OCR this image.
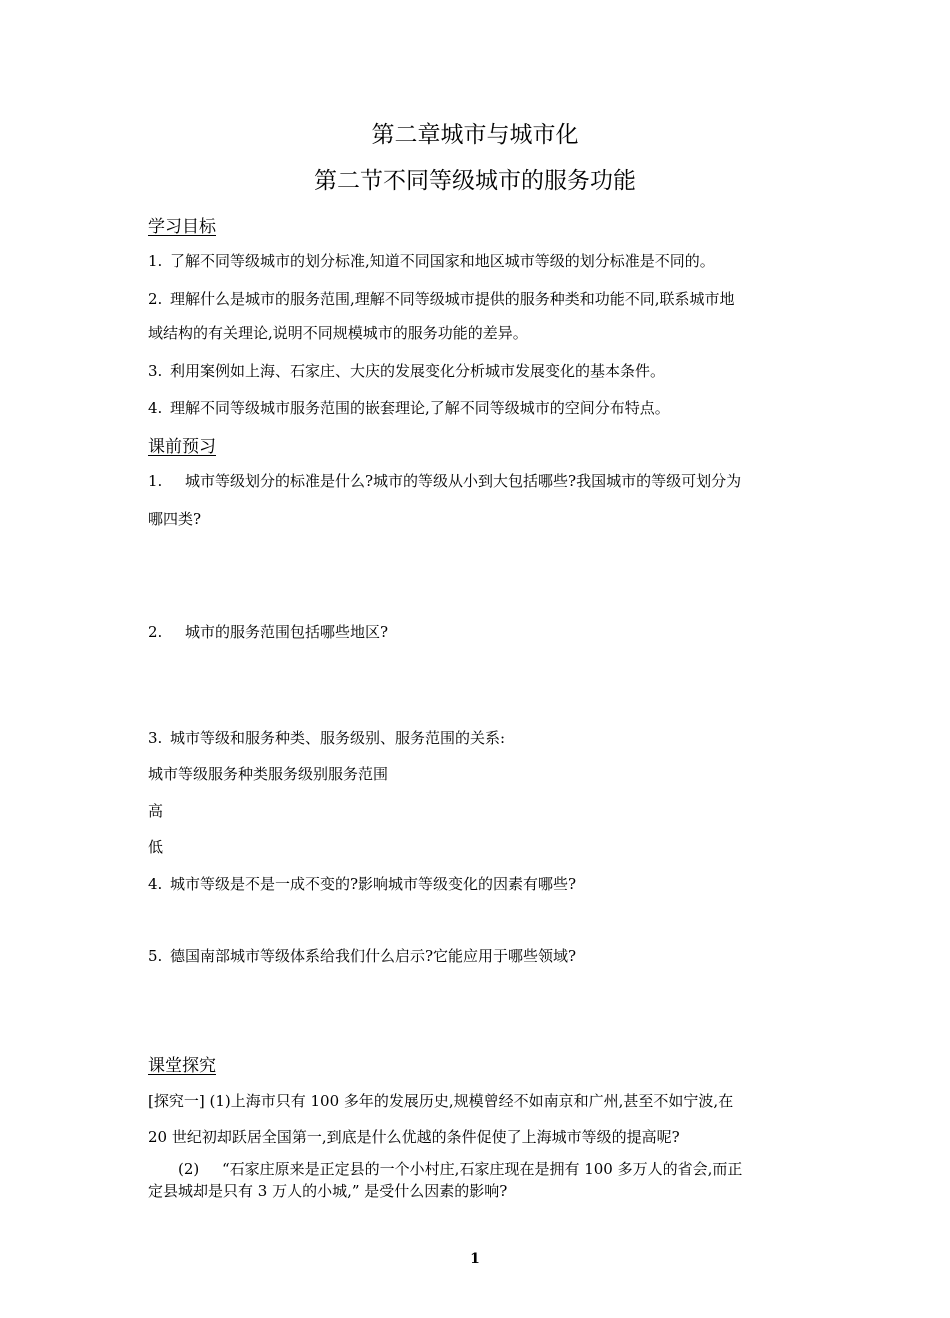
第二章城市与城市化
第二节不同等级城市的服务功能
学习目标
1. 了解不同等级城市的划分标准,知道不同国家和地区城市等级的划分标准是不同的。
2. 理解什么是城市的服务范围,理解不同等级城市提供的服务种类和功能不同,联系城市地
域结构的有关理论,说明不同规模城市的服务功能的差异。
3. 利用案例如上海、石家庄、大庆的发展变化分析城市发展变化的基本条件。
4. 理解不同等级城市服务范围的嵌套理论,了解不同等级城市的空间分布特点。
课前预习
1. 城市等级划分的标准是什么?城市的等级从小到大包括哪些?我国城市的等级可划分为
哪四类?
2. 城市的服务范围包括哪些地区?
3. 城市等级和服务种类、服务级别、服务范围的关系:
城市等级服务种类服务级别服务范围
高
低
4. 城市等级是不是一成不变的?影响城市等级变化的因素有哪些?
5. 德国南部城市等级体系给我们什么启示?它能应用于哪些领域?
课堂探究
[探究一] (1)上海市只有 100 多年的发展历史,规模曾经不如南京和广州,甚至不如宁波,在
20 世纪初却跃居全国第一,到底是什么优越的条件促使了上海城市等级的提高呢?
(2) “石家庄原来是正定县的一个小村庄,石家庄现在是拥有 100 多万人的省会,而正
定县城却是只有 3 万人的小城,” 是受什么因素的影响?
1
